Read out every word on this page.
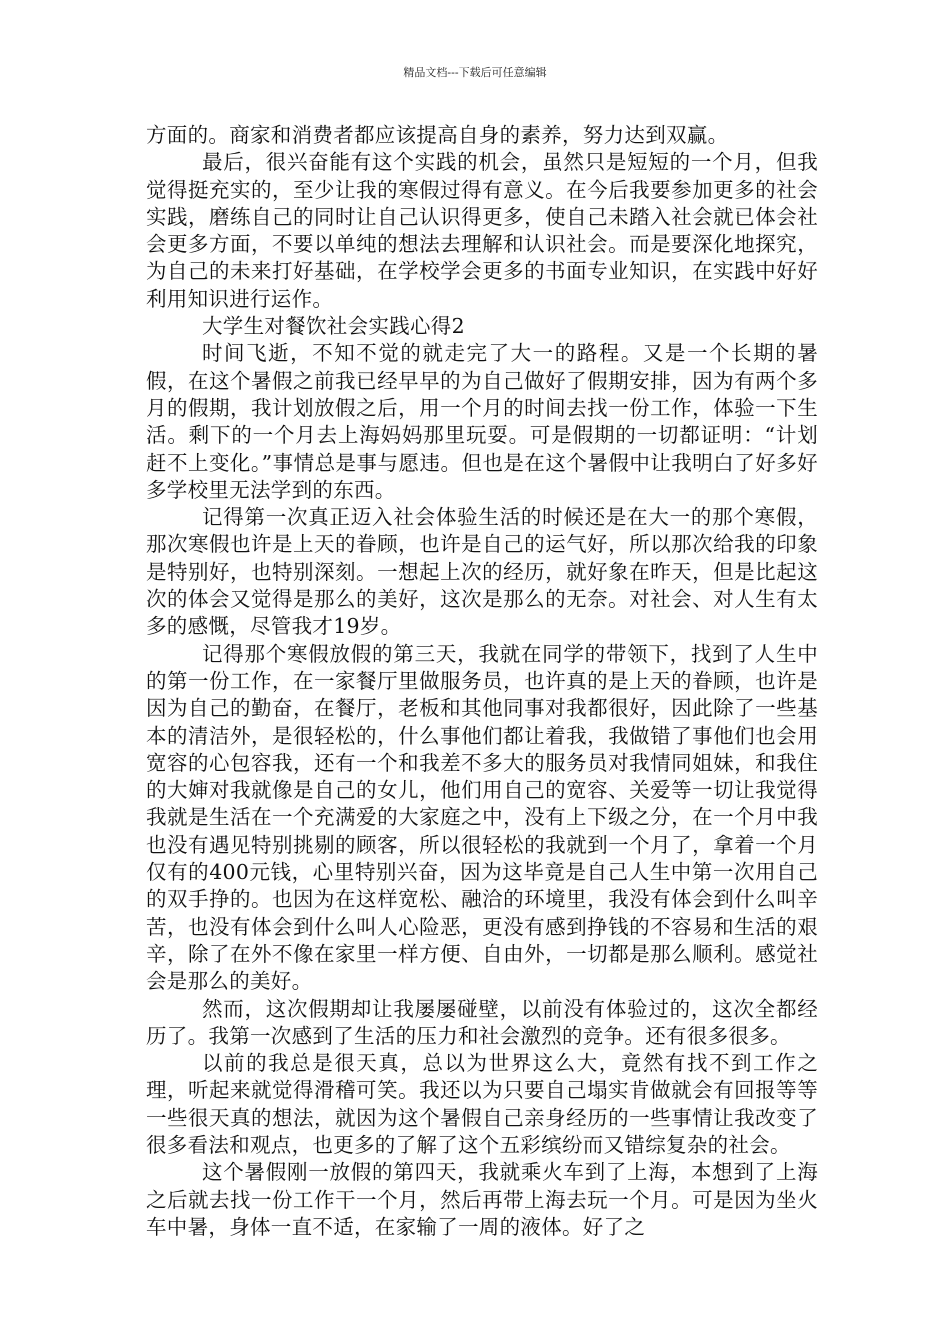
精品文档---下载后可任意编辑

方面的。商家和消费者都应该提高自身的素养，努力达到双赢。

最后，很兴奋能有这个实践的机会，虽然只是短短的一个月，但我觉得挺充实的，至少让我的寒假过得有意义。在今后我要参加更多的社会实践，磨练自己的同时让自己认识得更多，使自己未踏入社会就已体会社会更多方面，不要以单纯的想法去理解和认识社会。而是要深化地探究，为自己的未来打好基础，在学校学会更多的书面专业知识，在实践中好好利用知识进行运作。

大学生对餐饮社会实践心得2

时间飞逝，不知不觉的就走完了大一的路程。又是一个长期的暑假，在这个暑假之前我已经早早的为自己做好了假期安排，因为有两个多月的假期，我计划放假之后，用一个月的时间去找一份工作，体验一下生活。剩下的一个月去上海妈妈那里玩耍。可是假期的一切都证明：“计划赶不上变化。”事情总是事与愿违。但也是在这个暑假中让我明白了好多好多学校里无法学到的东西。

记得第一次真正迈入社会体验生活的时候还是在大一的那个寒假，那次寒假也许是上天的眷顾，也许是自己的运气好，所以那次给我的印象是特别好，也特别深刻。一想起上次的经历，就好象在昨天，但是比起这次的体会又觉得是那么的美好，这次是那么的无奈。对社会、对人生有太多的感慨，尽管我才19岁。

记得那个寒假放假的第三天，我就在同学的带领下，找到了人生中的第一份工作，在一家餐厅里做服务员，也许真的是上天的眷顾，也许是因为自己的勤奋，在餐厅，老板和其他同事对我都很好，因此除了一些基本的清洁外，是很轻松的，什么事他们都让着我，我做错了事他们也会用宽容的心包容我，还有一个和我差不多大的服务员对我情同姐妹，和我住的大婶对我就像是自己的女儿，他们用自己的宽容、关爱等一切让我觉得我就是生活在一个充满爱的大家庭之中，没有上下级之分，在一个月中我也没有遇见特别挑剔的顾客，所以很轻松的我就到一个月了，拿着一个月仅有的400元钱，心里特别兴奋，因为这毕竟是自己人生中第一次用自己的双手挣的。也因为在这样宽松、融洽的环境里，我没有体会到什么叫辛苦，也没有体会到什么叫人心险恶，更没有感到挣钱的不容易和生活的艰辛，除了在外不像在家里一样方便、自由外，一切都是那么顺利。感觉社会是那么的美好。

然而，这次假期却让我屡屡碰壁，以前没有体验过的，这次全都经历了。我第一次感到了生活的压力和社会激烈的竞争。还有很多很多。

以前的我总是很天真，总以为世界这么大，竟然有找不到工作之理，听起来就觉得滑稽可笑。我还以为只要自己塌实肯做就会有回报等等一些很天真的想法，就因为这个暑假自己亲身经历的一些事情让我改变了很多看法和观点，也更多的了解了这个五彩缤纷而又错综复杂的社会。

这个暑假刚一放假的第四天，我就乘火车到了上海，本想到了上海之后就去找一份工作干一个月，然后再带上海去玩一个月。可是因为坐火车中暑，身体一直不适，在家输了一周的液体。好了之
